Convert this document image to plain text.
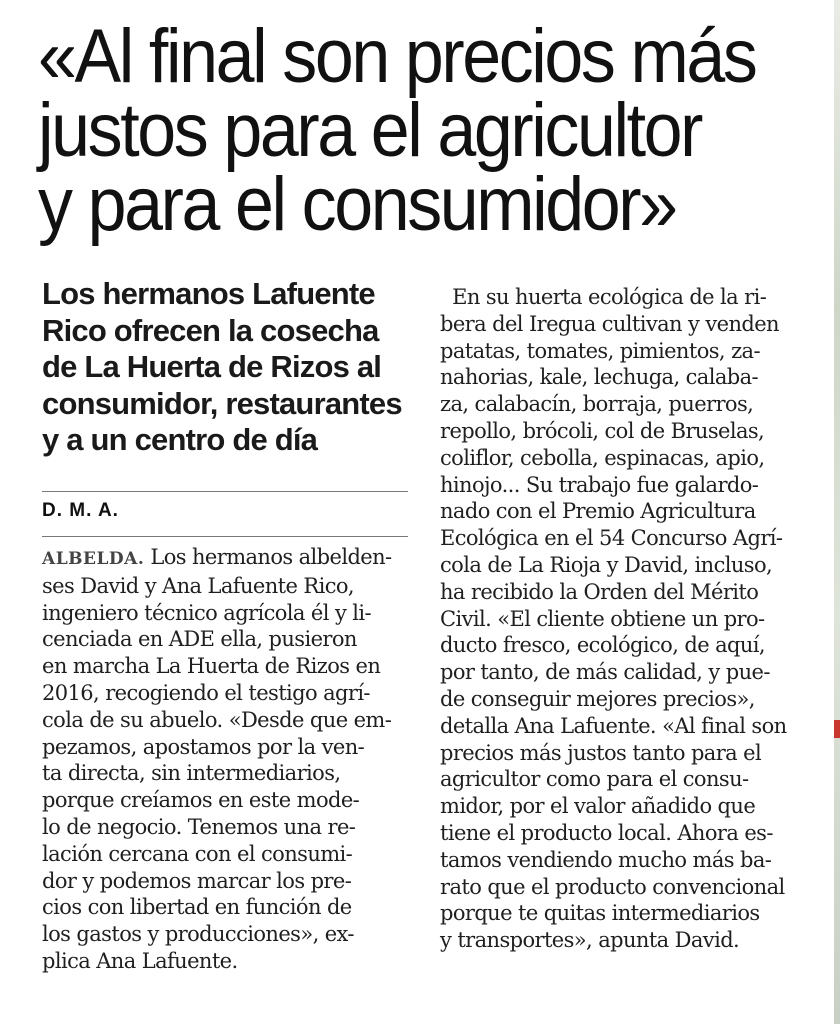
«Al final son precios más
justos para el agricultor
y para el consumidor»
Los hermanos Lafuente
Rico ofrecen la cosecha
de La Huerta de Rizos al
consumidor, restaurantes
y a un centro de día
D. M. A.
ALBELDA. Los hermanos albelden-
ses David y Ana Lafuente Rico,
ingeniero técnico agrícola él y li-
cenciada en ADE ella, pusieron
en marcha La Huerta de Rizos en
2016, recogiendo el testigo agrí-
cola de su abuelo. «Desde que em-
pezamos, apostamos por la ven-
ta directa, sin intermediarios,
porque creíamos en este mode-
lo de negocio. Tenemos una re-
lación cercana con el consumi-
dor y podemos marcar los pre-
cios con libertad en función de
los gastos y producciones», ex-
plica Ana Lafuente.
En su huerta ecológica de la ri-
bera del Iregua cultivan y venden
patatas, tomates, pimientos, za-
nahorias, kale, lechuga, calaba-
za, calabacín, borraja, puerros,
repollo, brócoli, col de Bruselas,
coliflor, cebolla, espinacas, apio,
hinojo... Su trabajo fue galardo-
nado con el Premio Agricultura
Ecológica en el 54 Concurso Agrí-
cola de La Rioja y David, incluso,
ha recibido la Orden del Mérito
Civil. «El cliente obtiene un pro-
ducto fresco, ecológico, de aquí,
por tanto, de más calidad, y pue-
de conseguir mejores precios»,
detalla Ana Lafuente. «Al final son
precios más justos tanto para el
agricultor como para el consu-
midor, por el valor añadido que
tiene el producto local. Ahora es-
tamos vendiendo mucho más ba-
rato que el producto convencional
porque te quitas intermediarios
y transportes», apunta David.
